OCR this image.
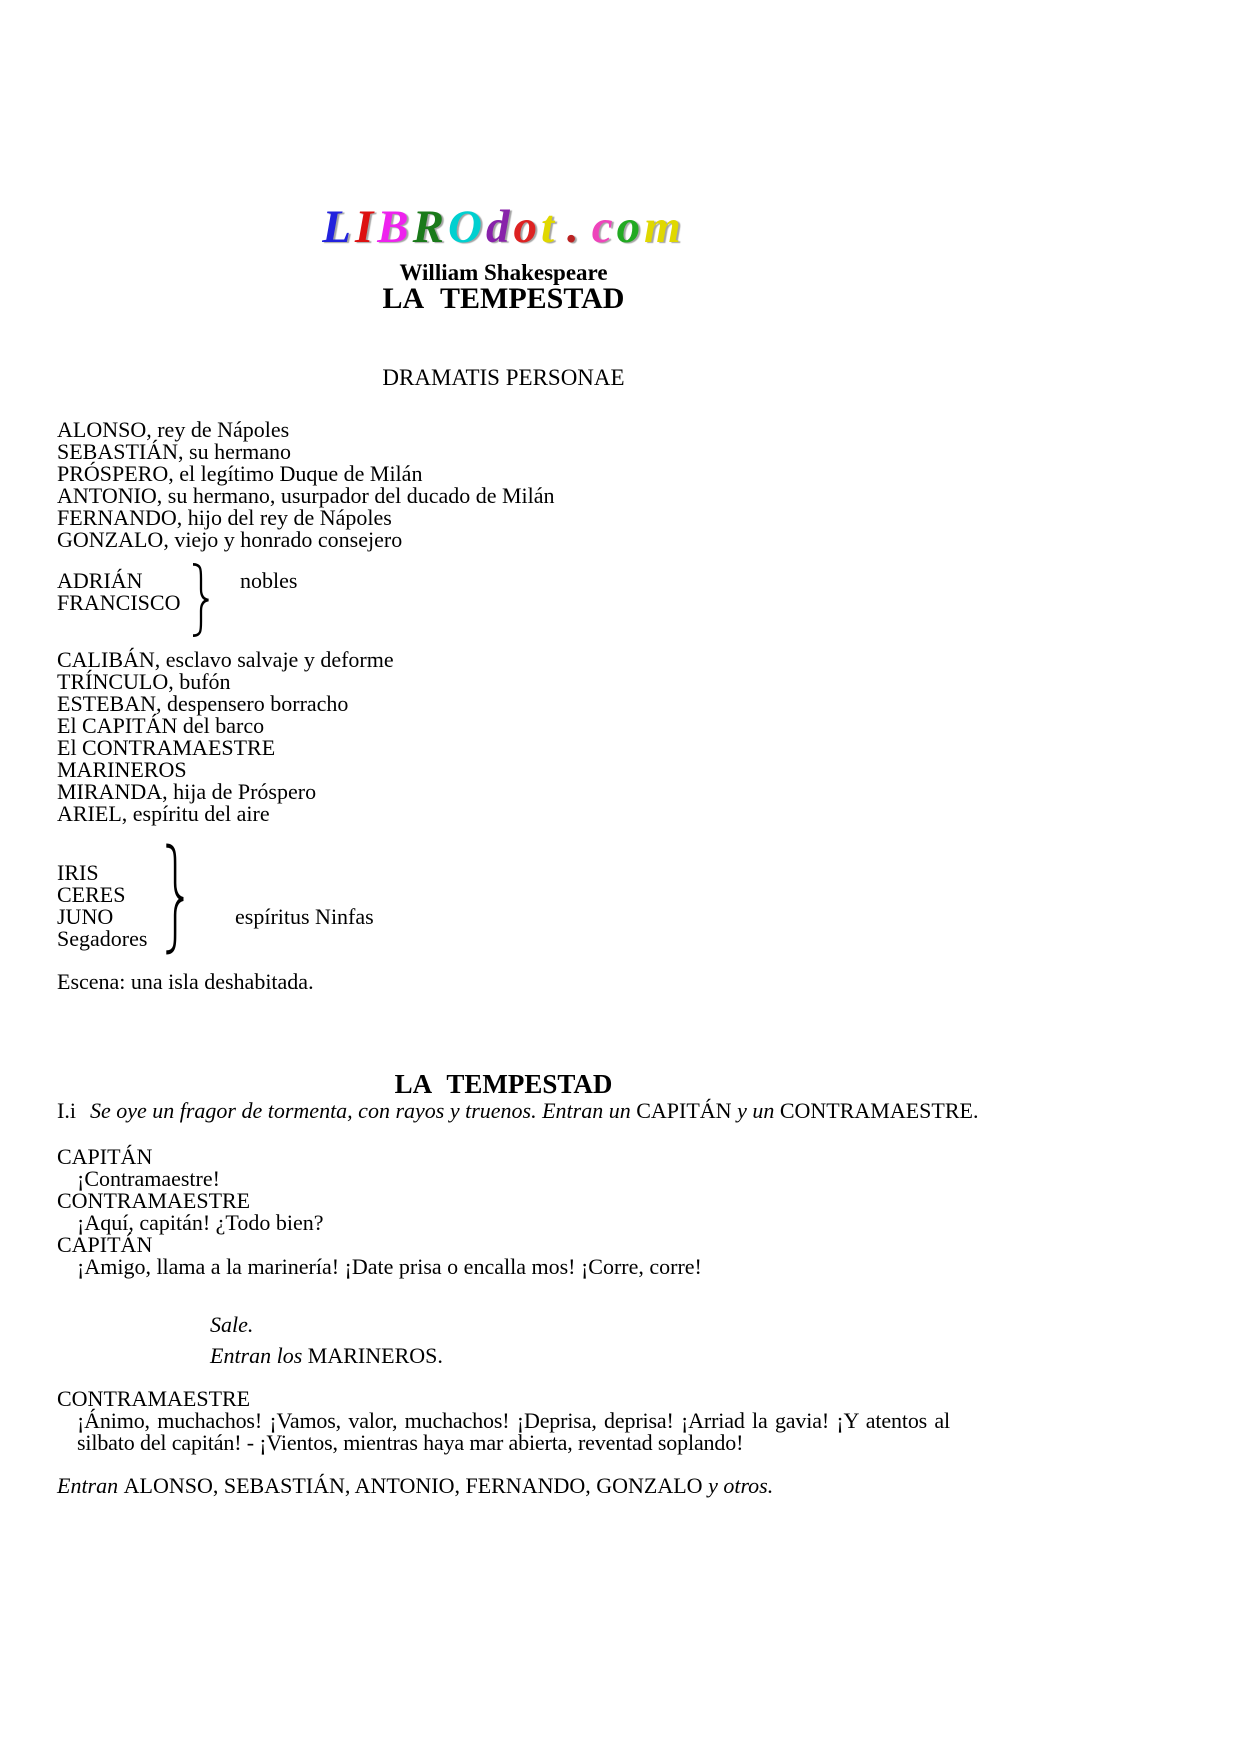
LIBROdot . com
William Shakespeare
LA TEMPESTAD
DRAMATIS PERSONAE
ALONSO, rey de Nápoles
SEBASTIÁN, su hermano
PRÓSPERO, el legítimo Duque de Milán
ANTONIO, su hermano, usurpador del ducado de Milán
FERNANDO, hijo del rey de Nápoles
GONZALO, viejo y honrado consejero
ADRIÁN
FRANCISCO
nobles
CALIBÁN, esclavo salvaje y deforme
TRÍNCULO, bufón
ESTEBAN, despensero borracho
El CAPITÁN del barco
El CONTRAMAESTRE
MARINEROS
MIRANDA, hija de Próspero
ARIEL, espíritu del aire
IRIS
CERES
JUNO
Segadores
espíritus Ninfas
Escena: una isla deshabitada.
LA TEMPESTAD
I.i Se oye un fragor de tormenta, con rayos y truenos. Entran un CAPITÁN y un CONTRAMAESTRE.
CAPITÁN
¡Contramaestre!
CONTRAMAESTRE
¡Aquí, capitán! ¿Todo bien?
CAPITÁN
¡Amigo, llama a la marinería! ¡Date prisa o encalla mos! ¡Corre, corre!
Sale.
Entran los MARINEROS.
CONTRAMAESTRE
¡Ánimo, muchachos! ¡Vamos, valor, muchachos! ¡Deprisa, deprisa! ¡Arriad la gavia! ¡Y atentos al silbato del capitán! - ¡Vientos, mientras haya mar abierta, reventad soplando!
Entran ALONSO, SEBASTIÁN, ANTONIO, FERNANDO, GONZALO y otros.
